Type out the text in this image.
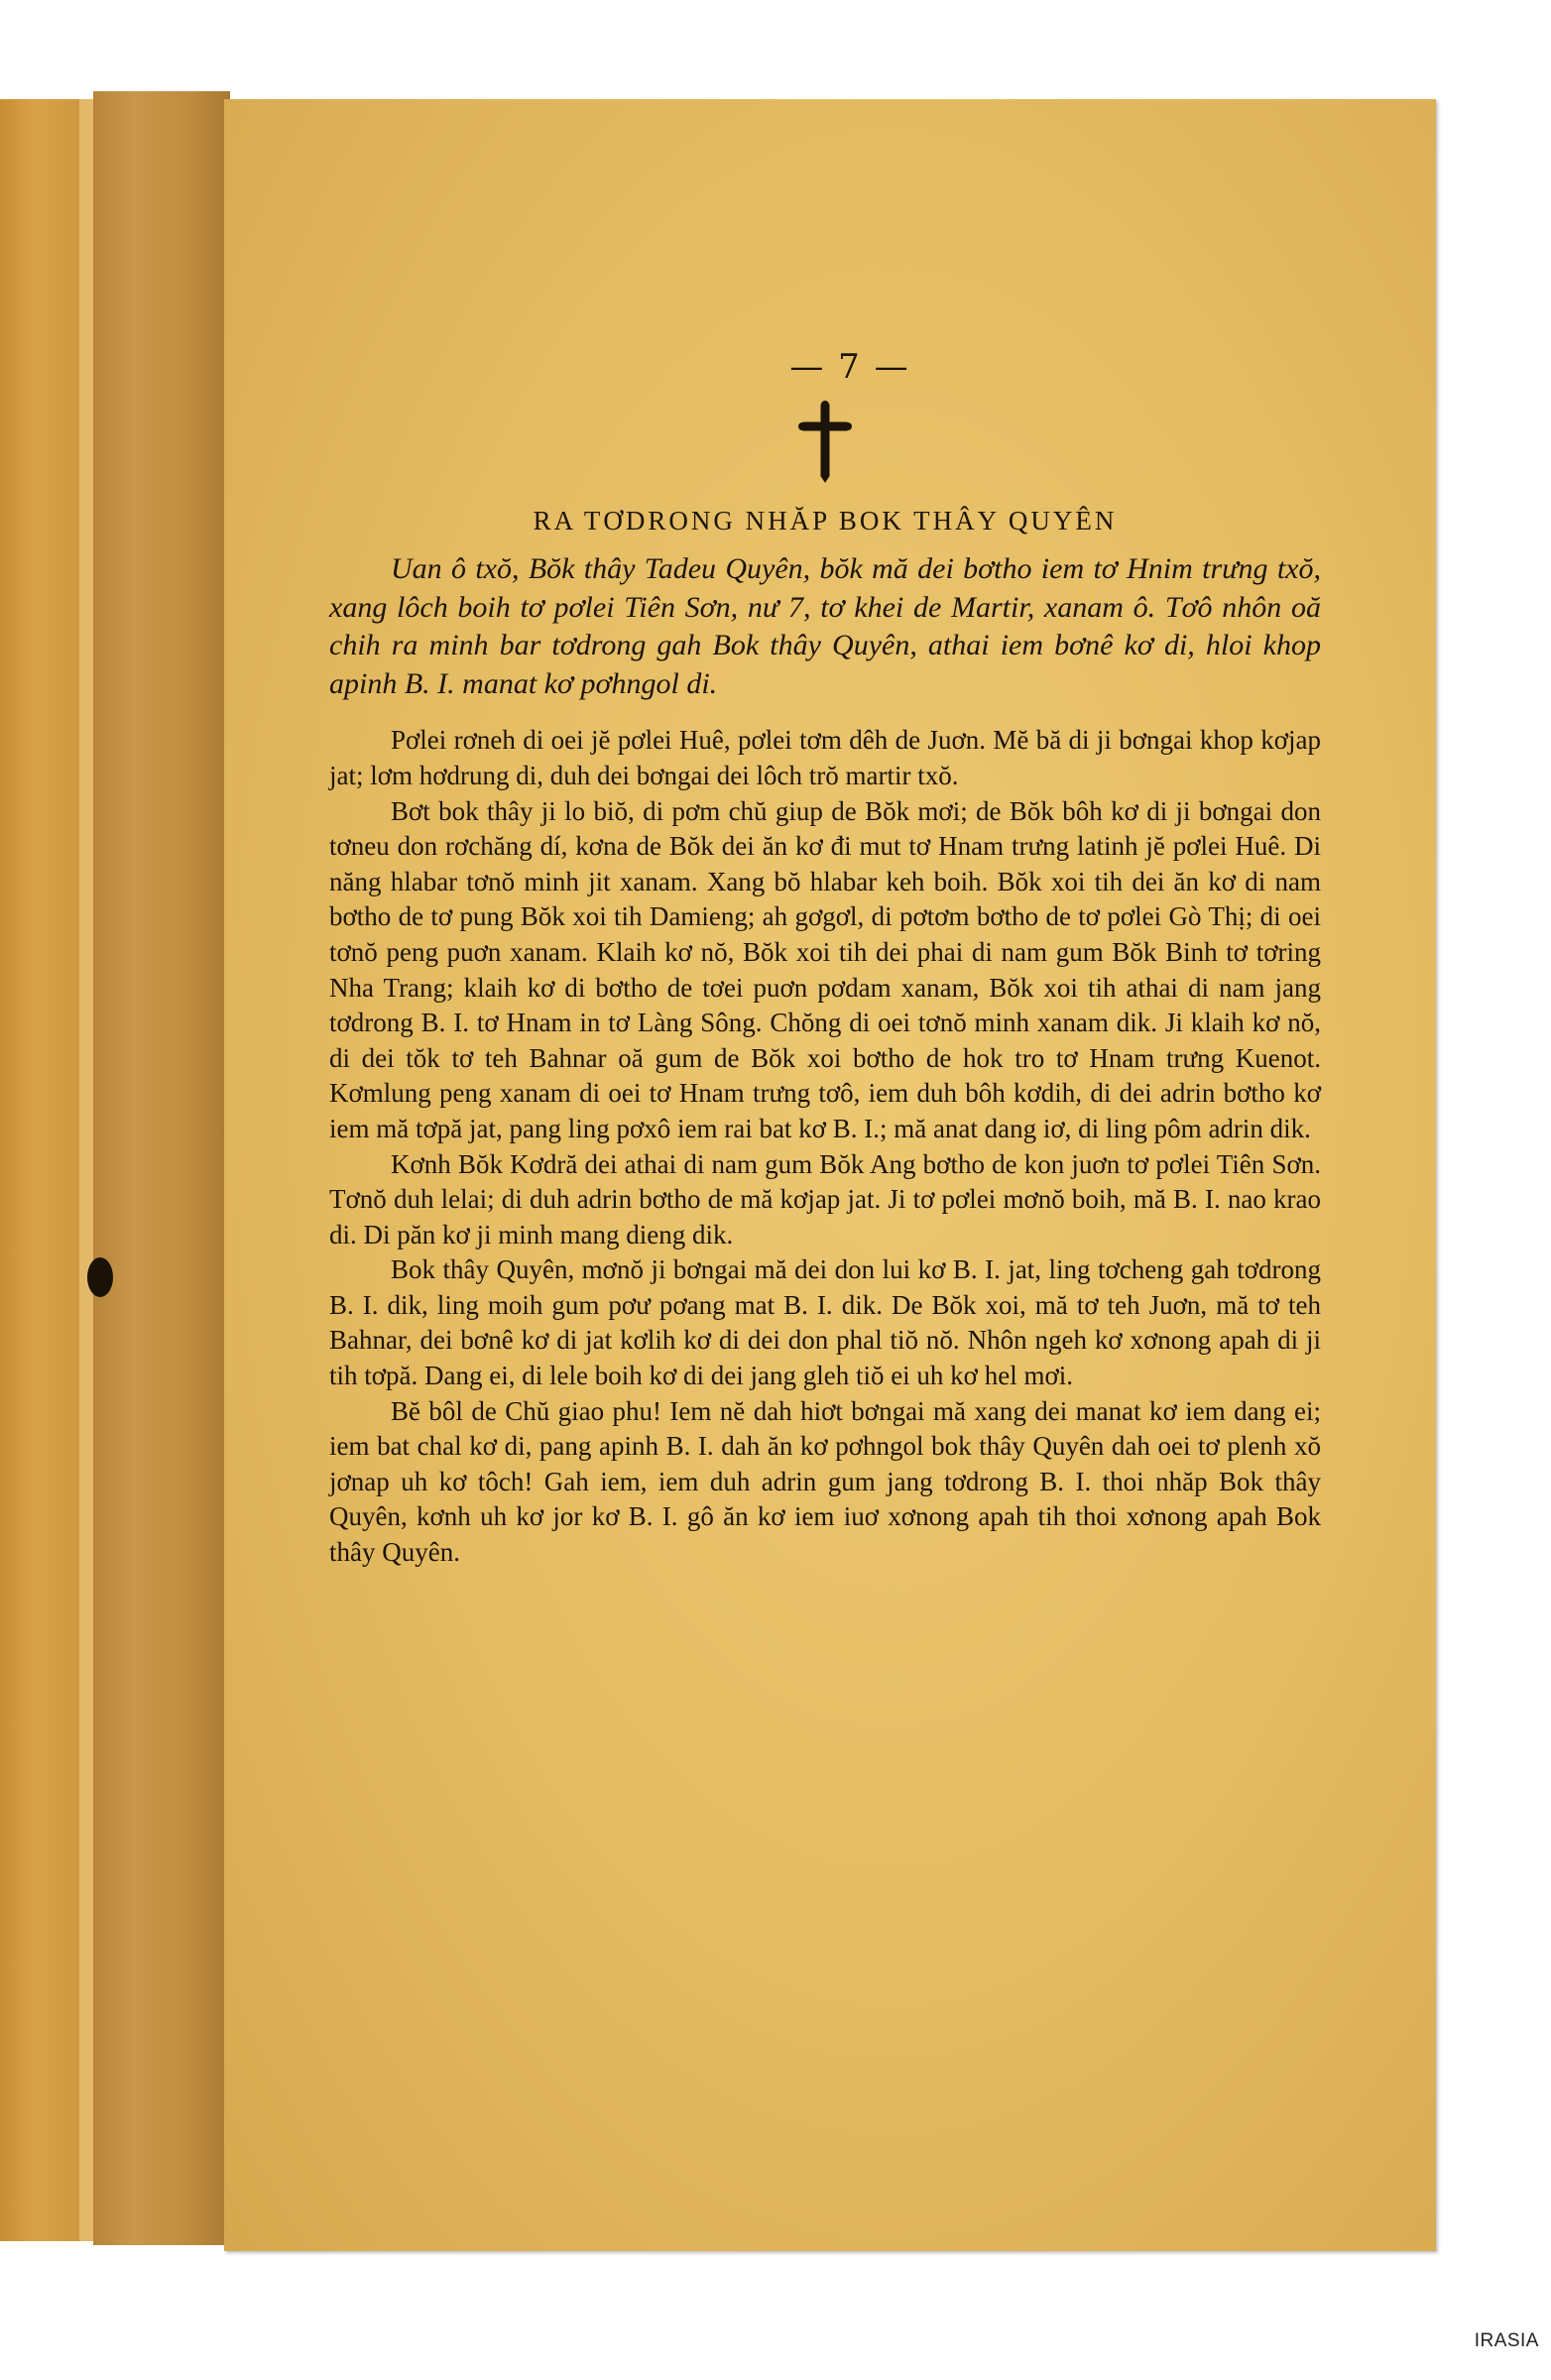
— 7 —
RA TƠDRONG NHĂP BOK THÂY QUYÊN

Uan ô txŏ, Bŏk thây Tadeu Quyên, bŏk mă dei bơtho iem tơ Hnim trưng txŏ, xang lôch boih tơ pơlei Tiên Sơn, nư 7, tơ khei de Martir, xanam ô. Tơô nhôn oă chih ra minh bar tơdrong gah Bok thây Quyên, athai iem bơnê kơ di, hloi khop apinh B. I. manat kơ pơhngol di.

Pơlei rơneh di oei jĕ pơlei Huê, pơlei tơm dêh de Juơn. Mĕ bă di ji bơngai khop kơjap jat; lơm hơdrung di, duh dei bơngai dei lôch trŏ martir txŏ.

Bơt bok thây ji lo biŏ, di pơm chŭ giup de Bŏk mơi; de Bŏk bôh kơ di ji bơngai don tơneu don rơchăng dí, kơna de Bŏk dei ăn kơ đi mut tơ Hnam trưng latinh jĕ pơlei Huê. Di năng hlabar tơnŏ minh jit xanam. Xang bŏ hlabar keh boih. Bŏk xoi tih dei ăn kơ di nam bơtho de tơ pung Bŏk xoi tih Damieng; ah gơgơl, di pơtơm bơtho de tơ pơlei Gò Thị; di oei tơnŏ peng puơn xanam. Klaih kơ nŏ, Bŏk xoi tih dei phai di nam gum Bŏk Binh tơ tơring Nha Trang; klaih kơ di bơtho de tơei puơn pơdam xanam, Bŏk xoi tih athai di nam jang tơdrong B. I. tơ Hnam in tơ Làng Sông. Chŏng di oei tơnŏ minh xanam dik. Ji klaih kơ nŏ, di dei tŏk tơ teh Bahnar oă gum de Bŏk xoi bơtho de hok tro tơ Hnam trưng Kuenot. Kơmlung peng xanam di oei tơ Hnam trưng tơô, iem duh bôh kơdih, di dei adrin bơtho kơ iem mă tơpă jat, pang ling pơxô iem rai bat kơ B. I.; mă anat dang iơ, di ling pôm adrin dik.

Kơnh Bŏk Kơdră dei athai di nam gum Bŏk Ang bơtho de kon juơn tơ pơlei Tiên Sơn. Tơnŏ duh lelai; di duh adrin bơtho de mă kơjap jat. Ji tơ pơlei mơnŏ boih, mă B. I. nao krao di. Di păn kơ ji minh mang dieng dik.

Bok thây Quyên, mơnŏ ji bơngai mă dei don lui kơ B. I. jat, ling tơcheng gah tơdrong B. I. dik, ling moih gum pơư pơang mat B. I. dik. De Bŏk xoi, mă tơ teh Juơn, mă tơ teh Bahnar, dei bơnê kơ di jat kơlih kơ di dei don phal tiŏ nŏ. Nhôn ngeh kơ xơnong apah di ji tih tơpă. Dang ei, di lele boih kơ di dei jang gleh tiŏ ei uh kơ hel mơi.

Bĕ bôl de Chŭ giao phu! Iem nĕ dah hiơt bơngai mă xang dei manat kơ iem dang ei; iem bat chal kơ di, pang apinh B. I. dah ăn kơ pơhngol bok thây Quyên dah oei tơ plenh xŏ jơnap uh kơ tôch! Gah iem, iem duh adrin gum jang tơdrong B. I. thoi nhăp Bok thây Quyên, kơnh uh kơ jor kơ B. I. gô ăn kơ iem iuơ xơnong apah tih thoi xơnong apah Bok thây Quyên.

IRASIA
